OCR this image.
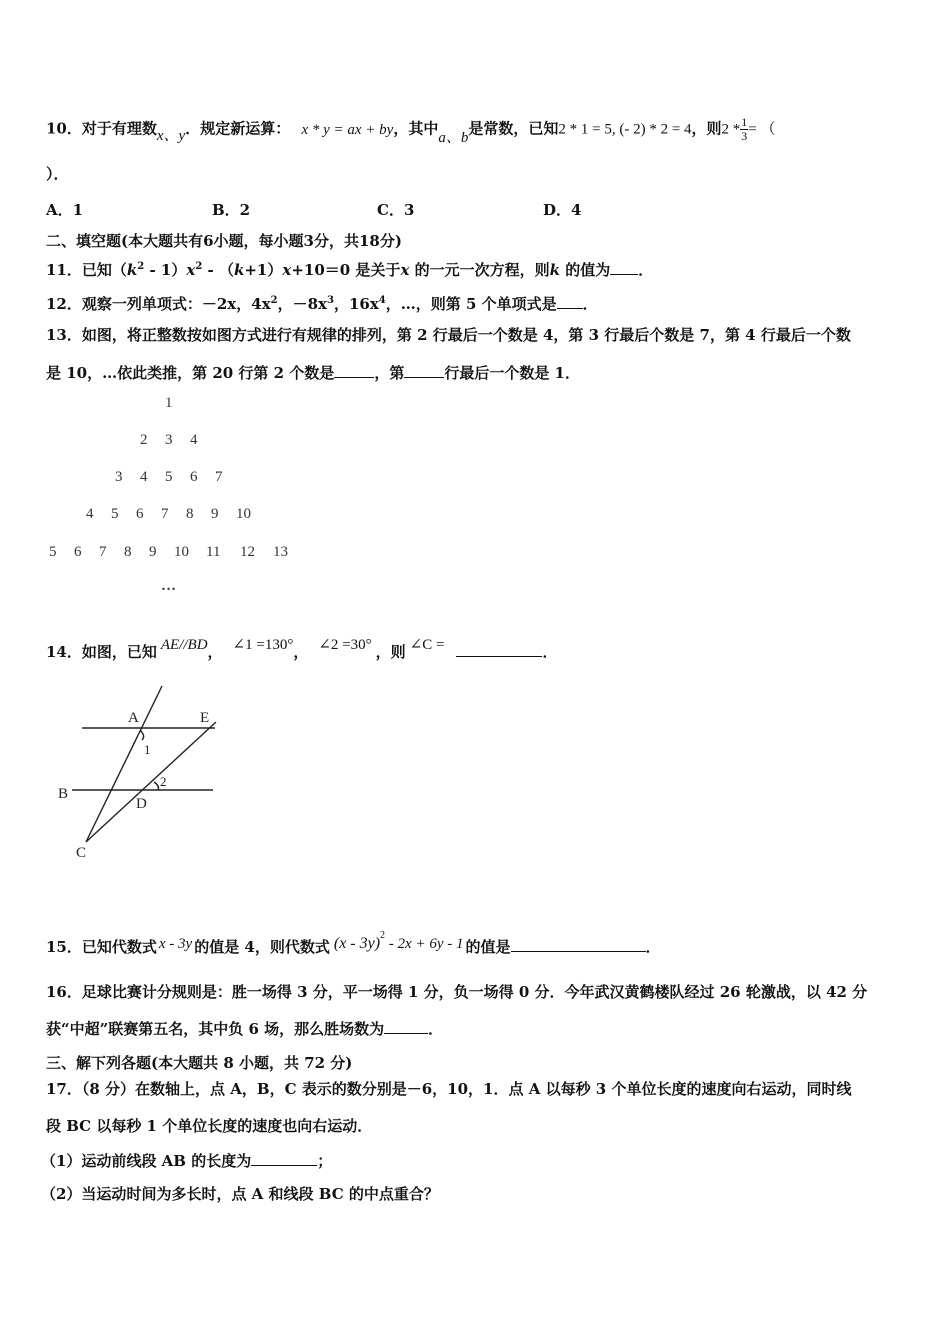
10．对于有理数x、y．规定新运算： x * y = ax + by，其中a、b是常数，已知2 * 1 = 5, (- 2) * 2 = 4，则$2 * \frac{1}{3}$ = （
）．
A．1	B．2	C．3	D．4
二、填空题(本大题共有6小题，每小题3分，共18分)
11．已知$(k^2 - 1)x^2 - (k+1)x+10=0$ 是关于x 的一元一次方程，则k 的值为 ．
12．观察一列单项式：－2x，$4x^2$，$-8x^3$，$16x^4$，…，则第 5 个单项式是 ．
13．如图，将正整数按如图方式进行有规律的排列，第 2 行最后一个数是 4，第 3 行最后个数是 7，第 4 行最后一个数
是 10，…依此类推，第 20 行第 2 个数是	，第	行最后一个数是 1．
1
2 3 4
3 4 5 6 7
4 5 6 7 8 9 10
5 6 7 8 9 10 11 12 13
…
14．如图，已知 AE//BD， ∠1 =130°， ∠2 =30° ，则 ∠C =	．
A	E
1
2
B
D
C
15．已知代数式 x - 3y 的值是 4，则代数式 (x - 3y)$^2$ - 2x + 6y - 1 的值是	．
16．足球比赛计分规则是：胜一场得 3 分，平一场得 1 分，负一场得 0 分．今年武汉黄鹤楼队经过 26 轮激战，以 42 分
获“中超”联赛第五名，其中负 6 场，那么胜场数为	．
三、解下列各题(本大题共 8 小题，共 72 分)
17．（8 分）在数轴上，点 A，B，C 表示的数分别是－6，10，1．点 A 以每秒 3 个单位长度的速度向右运动，同时线
段 BC 以每秒 1 个单位长度的速度也向右运动．
（1）运动前线段 AB 的长度为	；
（2）当运动时间为多长时，点 A 和线段 BC 的中点重合？
